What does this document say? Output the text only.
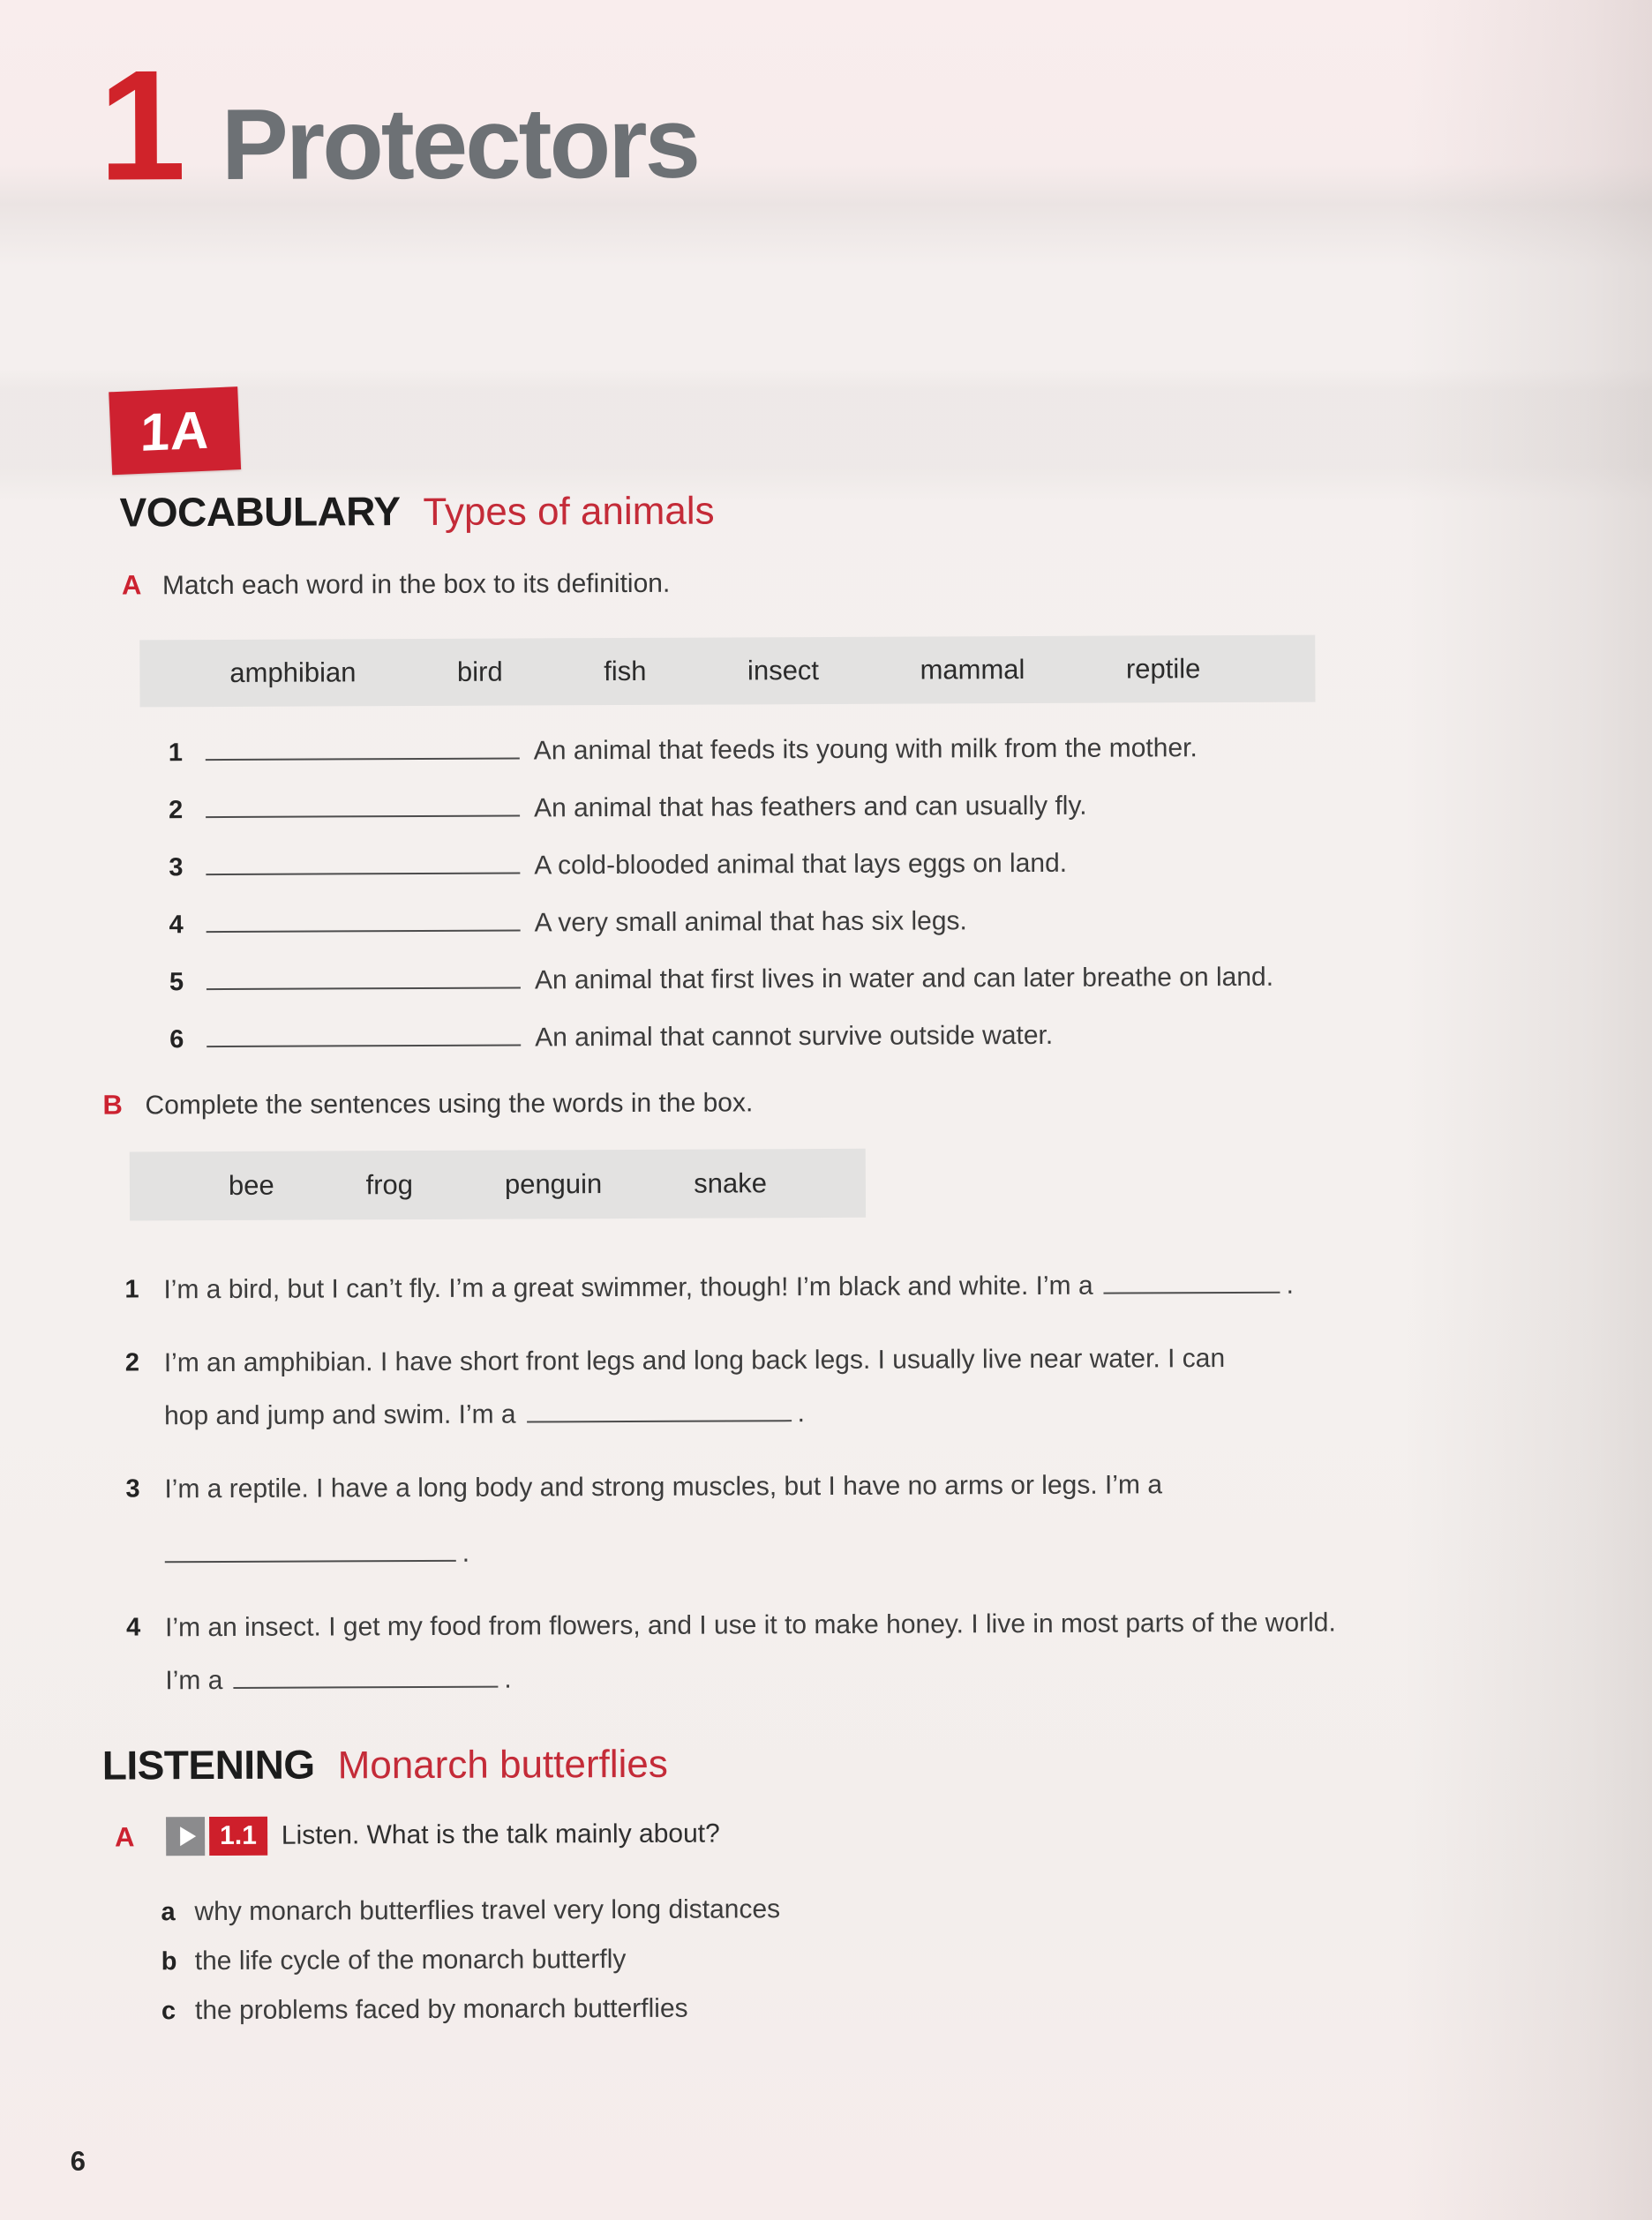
1 Protectors
1A
VOCABULARY Types of animals
A Match each word in the box to its definition.
amphibian	bird	fish	insect	mammal	reptile
1	An animal that feeds its young with milk from the mother.
2	An animal that has feathers and can usually fly.
3	A cold-blooded animal that lays eggs on land.
4	A very small animal that has six legs.
5	An animal that first lives in water and can later breathe on land.
6	An animal that cannot survive outside water.
B Complete the sentences using the words in the box.
bee	frog	penguin	snake
1 I’m a bird, but I can’t fly. I’m a great swimmer, though! I’m black and white. I’m a	.
2 I’m an amphibian. I have short front legs and long back legs. I usually live near water. I can
hop and jump and swim. I’m a	.
3 I’m a reptile. I have a long body and strong muscles, but I have no arms or legs. I’m a
.
4 I’m an insect. I get my food from flowers, and I use it to make honey. I live in most parts of the world.
I’m a	.
LISTENING Monarch butterflies
A	1.1 Listen. What is the talk mainly about?
a why monarch butterflies travel very long distances
b the life cycle of the monarch butterfly
c the problems faced by monarch butterflies
6
